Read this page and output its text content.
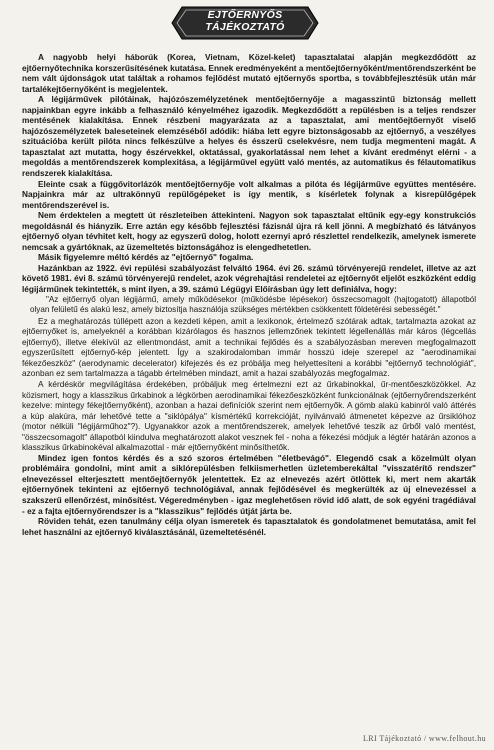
EJTŐERNYŐS
TÁJÉKOZTATÓ

A nagyobb helyi háborúk (Korea, Vietnam, Közel-kelet) tapasztalatai alapján megkezdődött az ejtőernyőtechnika korszerűsítésének kutatása. Ennek eredményeként a mentőejtőernyőként/mentőrendszerként be nem vált újdonságok utat találtak a rohamos fejlődést mutató ejtőernyős sportba, s továbbfejlesztésük után már tartalékejtőernyőként is megjelentek.

A légijárművek pilótáinak, hajózószemélyzetének mentőejtőernyője a magasszintű biztonság mellett napjainkban egyre inkább a felhasználó kényelméhez igazodik. Megkezdődött a repülésben is a teljes rendszer mentésének kialakítása. Ennek részbeni magyarázata az a tapasztalat, ami mentőejtőernyőt viselő hajózószemélyzetek baleseteinek elemzéséből adódik: hiába lett egyre biztonságosabb az ejtőernyő, a veszélyes szituációba került pilóta nincs felkészülve a helyes és ésszerű cselekvésre, nem tudja megmenteni magát. A tapasztalat azt mutatta, hogy észérvekkel, oktatással, gyakorlatással nem lehet a kívánt eredményt elérni - a megoldás a mentőrendszerek komplexitása, a légijárművel együtt való mentés, az automatikus és félautomatikus rendszerek kialakítása.

Eleinte csak a függővitorlázók mentőejtőernyője volt alkalmas a pilóta és légijárműve együttes mentésére. Napjainkra már az ultrakönnyű repülőgépeket is így mentik, s kísérletek folynak a kisrepülőgépek mentőrendszerével is.

Nem érdektelen a megtett út részleteiben áttekinteni. Nagyon sok tapasztalat eltűnik egy-egy konstrukciós megoldásnál és hiányzik. Erre aztán egy később fejlesztési fázisnál újra rá kell jönni. A megbízható és látványos ejtőernyő olyan tévhitet kelt, hogy az egyszerű dolog, holott ezernyi apró részlettel rendelkezik, amelynek ismerete nemcsak a gyártóknak, az üzemeltetés biztonságához is elengedhetetlen.

Másik figyelemre méltó kérdés az "ejtőernyő" fogalma.

Hazánkban az 1922. évi repülési szabályozást felváltó 1964. évi 26. számú törvényerejű rendelet, illetve az azt követő 1981. évi 8. számú törvényerejű rendelet, azok végrehajtási rendeletei az ejtőernyőt eljelőt eszközként eddig légijárműnek tekintették, s mint ilyen, a 39. számú Légügyi Előírásban úgy lett definiálva, hogy:

"Az ejtőernyő olyan légijármű, amely működésekor (működésbe lépésekor) összecsomagolt (hajtogatott) állapotból olyan felületű és alakú lesz, amely biztosítja használója szükséges mértékben csökkentett földetérési sebességét."

Ez a meghatározás túllépett azon a kezdeti képen, amit a lexikonok, értelmező szótárak adtak, tartalmazta azokat az ejtőernyőket is, amelyeknél a korábban kizárólagos és hasznos jellemzőnek tekintett légellenállás már káros (légcellás ejtőernyő), illetve élekívül az ellentmondást, amit a technikai fejlődés és a szabályozásban mereven megfogalmazott egyszerűsített ejtőernyő-kép jelentett. Így a szakirodalomban immár hosszú ideje szerepel az "aerodinamikai fékezőeszköz" (aerodynamic decelerator) kifejezés és ez próbálja meg helyettesíteni a korábbi "ejtőernyő technológiát", azonban ez sem tartalmazza a tágabb értelmében mindazt, amit a hazai szabályozás megfogalmaz.

A kérdéskör megvilágítása érdekében, próbáljuk meg értelmezni ezt az űrkabinokkal, űr-mentőeszközökkel. Az közismert, hogy a klasszikus űrkabinok a légkörben aerodinamikai fékezőeszközként funkcionálnak (ejtőernyőrendszerként kezelve: mintegy fékejtőernyőként), azonban a hazai definíciók szerint nem ejtőernyők. A gömb alakú kabinról való áttérés a kúp alakúra, már lehetővé tette a "siklópálya" kísmértékű korrekcióját, nyilvánvaló átmenetet képezve az űrsiklóhoz (motor nélküli "légijárműhoz"?). Ugyanakkor azok a mentőrendszerek, amelyek lehetővé teszik az űrből való mentést, "összecsomagolt" állapotból kiindulva meghatározott alakot vesznek fel - noha a fékezési módjuk a légtér határán azonos a klasszikus űrkabinokéval alkalmazottal - már ejtőernyőként minősíthetők.

Mindez igen fontos kérdés és a szó szoros értelmében "életbevágó". Elegendő csak a közelmúlt olyan problémáira gondolni, mint amit a siklórepülésben felkiismerhetlen üzletemberekáltal "visszatérítő rendszer" elnevezéssel elterjesztett mentőejtőernyők jelentettek. Ez az elnevezés azért ötlöttek ki, mert nem akarták ejtőernyőnek tekinteni az ejtőernyő technológiával, annak fejlődésével és megkerülték az új elnevezéssel a szakszerű ellenőrzést, minősítést. Végeredményben - igaz meglehetősen rövid idő alatt, de sok egyéni tragédiával - ez a fajta ejtőernyőrendszer is a "klasszikus" fejlődés útját járta be.

Röviden tehát, ezen tanulmány célja olyan ismeretek és tapasztalatok és gondolatmenet bemutatása, amit fel lehet használni az ejtőernyő kiválasztásánál, üzemeltetésénél.

LRI Tájékoztató / www.felhout.hu
